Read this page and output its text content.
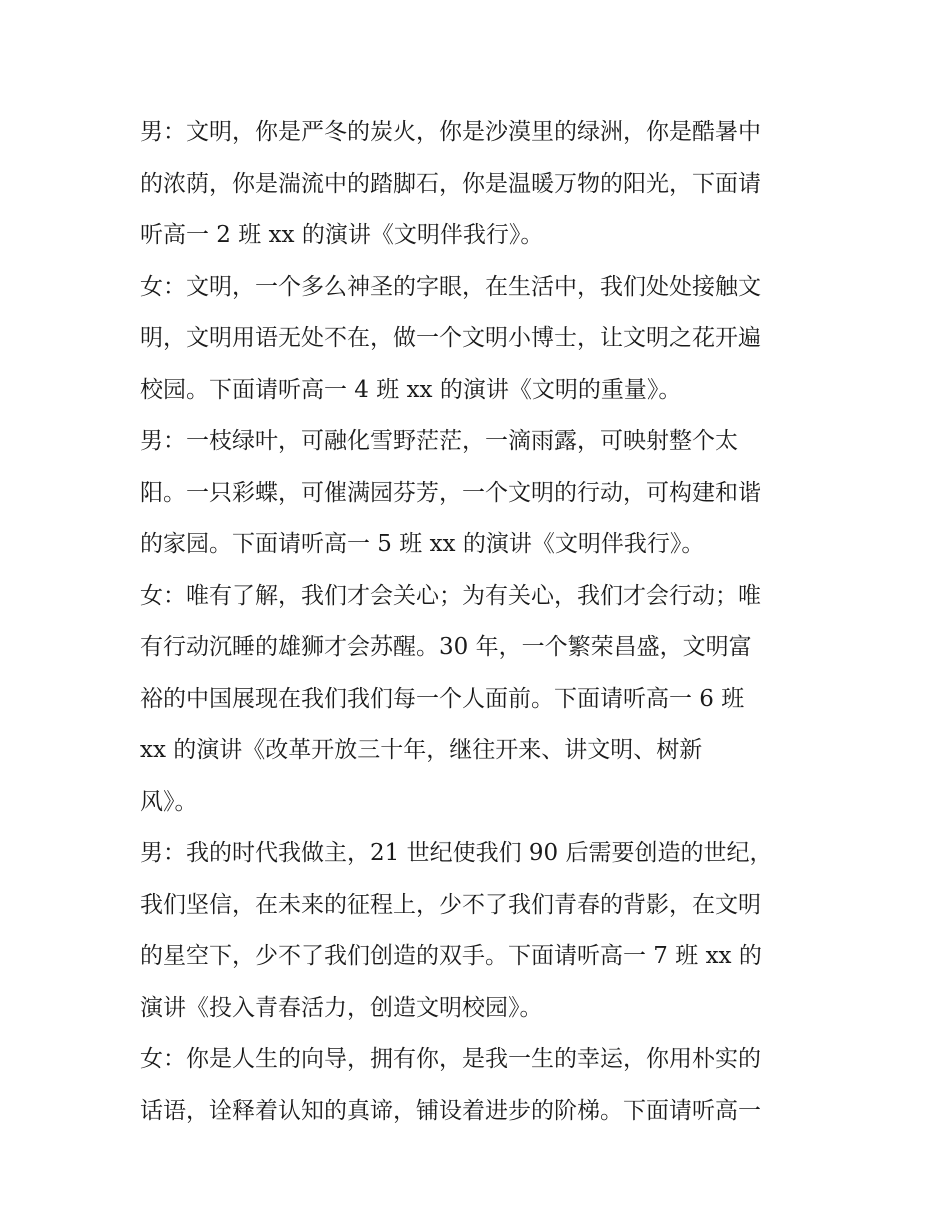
男：文明，你是严冬的炭火，你是沙漠里的绿洲，你是酷暑中
的浓荫，你是湍流中的踏脚石，你是温暖万物的阳光，下面请
听高一 2 班 xx 的演讲《文明伴我行》。
女：文明，一个多么神圣的字眼，在生活中，我们处处接触文
明，文明用语无处不在，做一个文明小博士，让文明之花开遍
校园。下面请听高一 4 班 xx 的演讲《文明的重量》。
男：一枝绿叶，可融化雪野茫茫，一滴雨露，可映射整个太
阳。一只彩蝶，可催满园芬芳，一个文明的行动，可构建和谐
的家园。下面请听高一 5 班 xx 的演讲《文明伴我行》。
女：唯有了解，我们才会关心；为有关心，我们才会行动；唯
有行动沉睡的雄狮才会苏醒。30 年，一个繁荣昌盛，文明富
裕的中国展现在我们我们每一个人面前。下面请听高一 6 班
xx 的演讲《改革开放三十年，继往开来、讲文明、树新
风》。
男：我的时代我做主，21 世纪使我们 90 后需要创造的世纪，
我们坚信，在未来的征程上，少不了我们青春的背影，在文明
的星空下，少不了我们创造的双手。下面请听高一 7 班 xx 的
演讲《投入青春活力，创造文明校园》。
女：你是人生的向导，拥有你，是我一生的幸运，你用朴实的
话语，诠释着认知的真谛，铺设着进步的阶梯。下面请听高一
